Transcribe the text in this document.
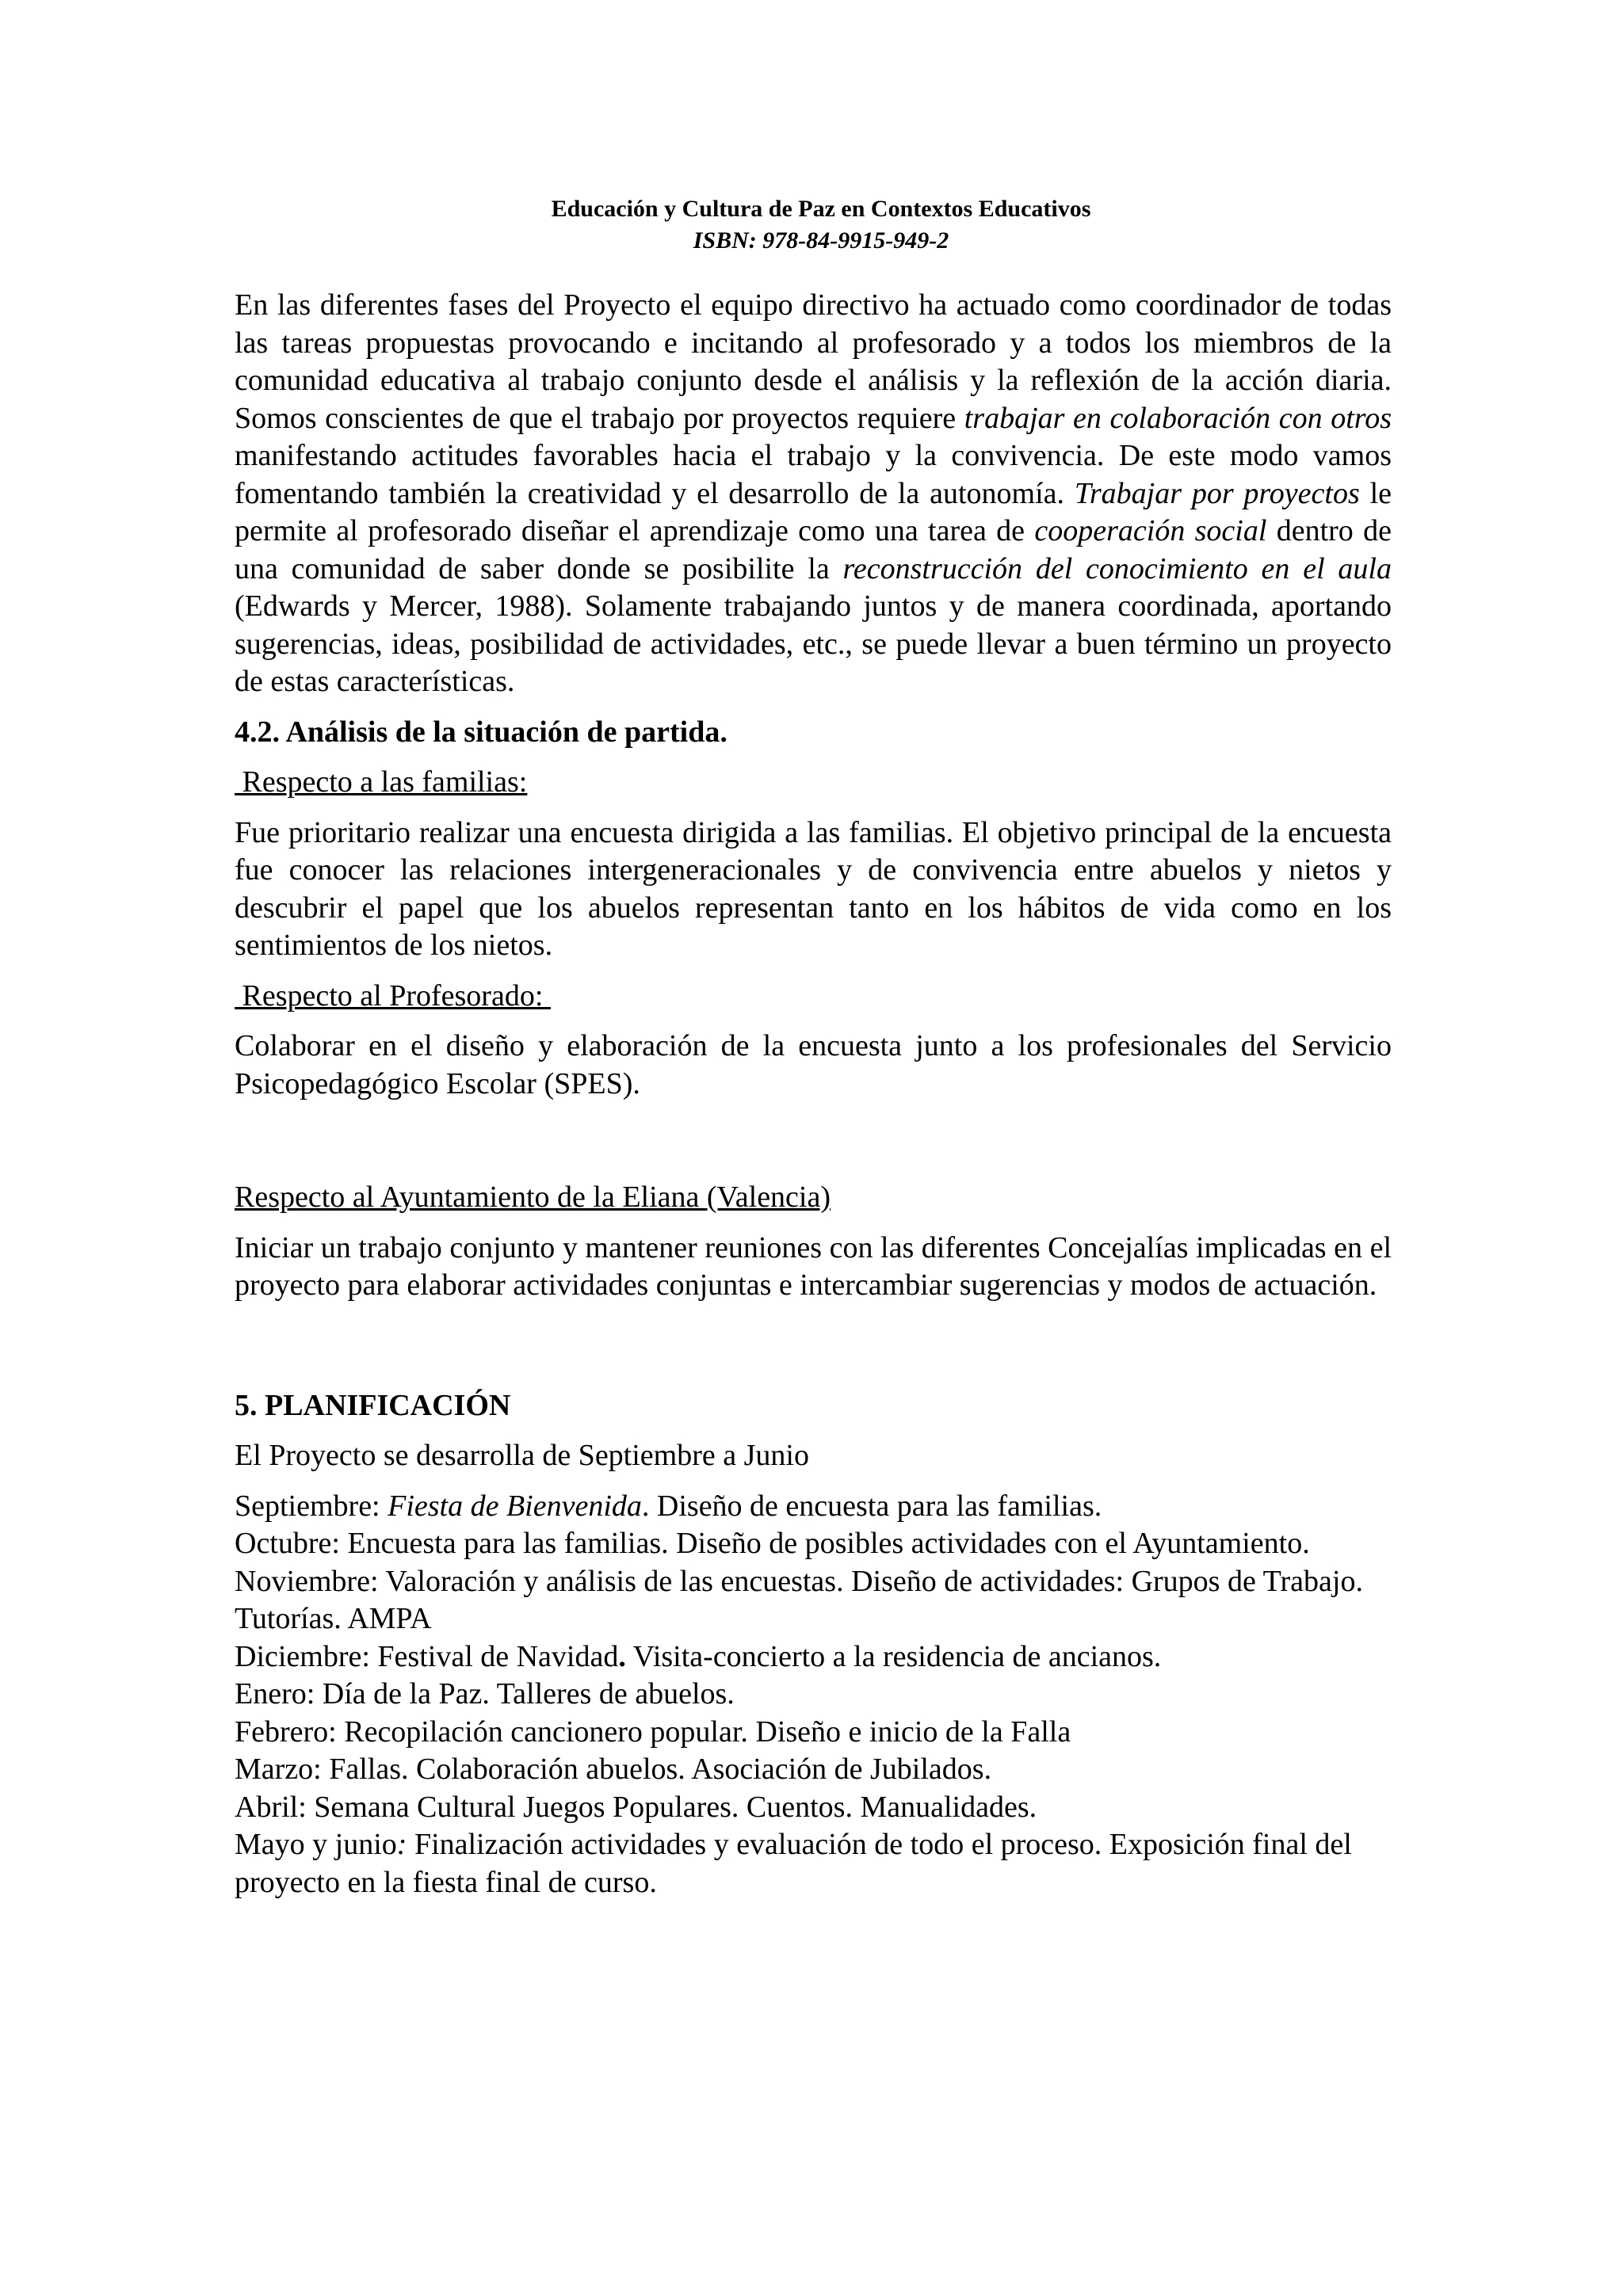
Educación y Cultura de Paz en Contextos Educativos
ISBN: 978-84-9915-949-2

En las diferentes fases del Proyecto el equipo directivo ha actuado como coordinador de todas las tareas propuestas provocando e incitando al profesorado y a todos los miembros de la comunidad educativa al trabajo conjunto desde el análisis y la reflexión de la acción diaria. Somos conscientes de que el trabajo por proyectos requiere trabajar en colaboración con otros manifestando actitudes favorables hacia el trabajo y la convivencia. De este modo vamos fomentando también la creatividad y el desarrollo de la autonomía. Trabajar por proyectos le permite al profesorado diseñar el aprendizaje como una tarea de cooperación social dentro de una comunidad de saber donde se posibilite la reconstrucción del conocimiento en el aula (Edwards y Mercer, 1988). Solamente trabajando juntos y de manera coordinada, aportando sugerencias, ideas, posibilidad de actividades, etc., se puede llevar a buen término un proyecto de estas características.

4.2. Análisis de la situación de partida.

Respecto a las familias:

Fue prioritario realizar una encuesta dirigida a las familias. El objetivo principal de la encuesta fue conocer las relaciones intergeneracionales y de convivencia entre abuelos y nietos y descubrir el papel que los abuelos representan tanto en los hábitos de vida como en los sentimientos de los nietos.

Respecto al Profesorado:

Colaborar en el diseño y elaboración de la encuesta junto a los profesionales del Servicio Psicopedagógico Escolar (SPES).

Respecto al Ayuntamiento de la Eliana (Valencia)

Iniciar un trabajo conjunto y mantener reuniones con las diferentes Concejalías implicadas en el proyecto para elaborar actividades conjuntas e intercambiar sugerencias y modos de actuación.

5. PLANIFICACIÓN

El Proyecto se desarrolla de Septiembre a Junio

Septiembre: Fiesta de Bienvenida. Diseño de encuesta para las familias.

Octubre: Encuesta para las familias. Diseño de posibles actividades con el Ayuntamiento.

Noviembre: Valoración y análisis de las encuestas. Diseño de actividades: Grupos de Trabajo. Tutorías. AMPA

Diciembre: Festival de Navidad. Visita-concierto a la residencia de ancianos.

Enero: Día de la Paz. Talleres de abuelos.

Febrero: Recopilación cancionero popular. Diseño e inicio de la Falla

Marzo: Fallas. Colaboración abuelos. Asociación de Jubilados.

Abril: Semana Cultural Juegos Populares. Cuentos. Manualidades.

Mayo y junio: Finalización actividades y evaluación de todo el proceso. Exposición final del proyecto en la fiesta final de curso.
